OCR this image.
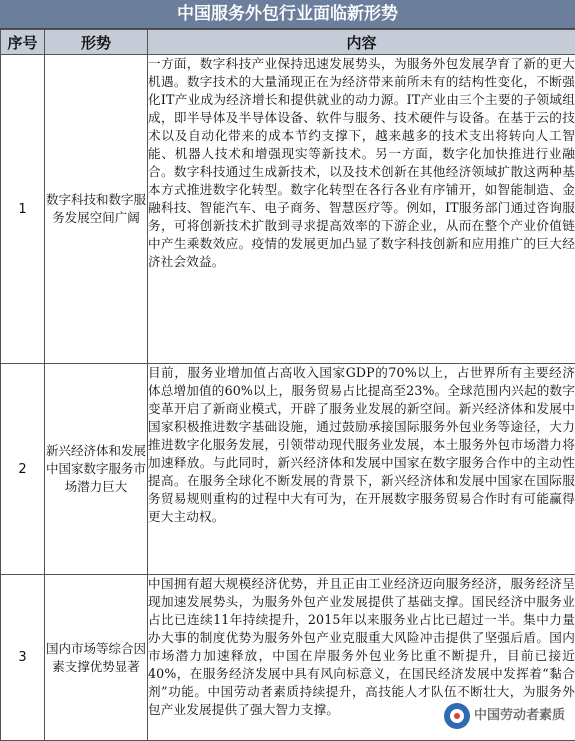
中国服务外包行业面临新形势
序号	形势	内容
1	数字科技和数字服务发展空间广阔	一方面，数字科技产业保持迅速发展势头，为服务外包发展孕育了新的更大机遇。数字技术的大量涌现正在为经济带来前所未有的结构性变化，不断强化IT产业成为经济增长和提供就业的动力源。IT产业由三个主要的子领域组成，即半导体及半导体设备、软件与服务、技术硬件与设备。在基于云的技术以及自动化带来的成本节约支撑下，越来越多的技术支出将转向人工智能、机器人技术和增强现实等新技术。另一方面，数字化加快推进行业融合。数字科技通过生成新技术，以及技术创新在其他经济领域扩散这两种基本方式推进数字化转型。数字化转型在各行各业有序铺开，如智能制造、金融科技、智能汽车、电子商务、智慧医疗等。例如，IT服务部门通过咨询服务，可将创新技术扩散到寻求提高效率的下游企业，从而在整个产业价值链中产生乘数效应。疫情的发展更加凸显了数字科技创新和应用推广的巨大经济社会效益。

2	新兴经济体和发展中国家数字服务市场潜力巨大	目前，服务业增加值占高收入国家GDP的70%以上，占世界所有主要经济体总增加值的60%以上，服务贸易占比提高至23%。全球范围内兴起的数字变革开启了新商业模式，开辟了服务业发展的新空间。新兴经济体和发展中国家积极推进数字基础设施，通过鼓励承接国际服务外包业务等途径，大力推进数字化服务发展，引领带动现代服务业发展，本土服务外包市场潜力将加速释放。与此同时，新兴经济体和发展中国家在数字服务合作中的主动性提高。在服务全球化不断发展的背景下，新兴经济体和发展中国家在国际服务贸易规则重构的过程中大有可为，在开展数字服务贸易合作时有可能赢得更大主动权。

3	国内市场等综合因素支撑优势显著	中国拥有超大规模经济优势，并且正由工业经济迈向服务经济，服务经济呈现加速发展势头，为服务外包产业发展提供了基础支撑。国民经济中服务业占比已连续11年持续提升，2015年以来服务业占比已超过一半。集中力量办大事的制度优势为服务外包产业克服重大风险冲击提供了坚强后盾。国内市场潜力加速释放，中国在岸服务外包业务比重不断提升，目前已接近40%，在服务经济发展中具有风向标意义，在国民经济发展中发挥着“黏合剂”功能。中国劳动者素质持续提升，高技能人才队伍不断壮大，为服务外包产业发展提供了强大智力支撑。	中国劳动者素质
